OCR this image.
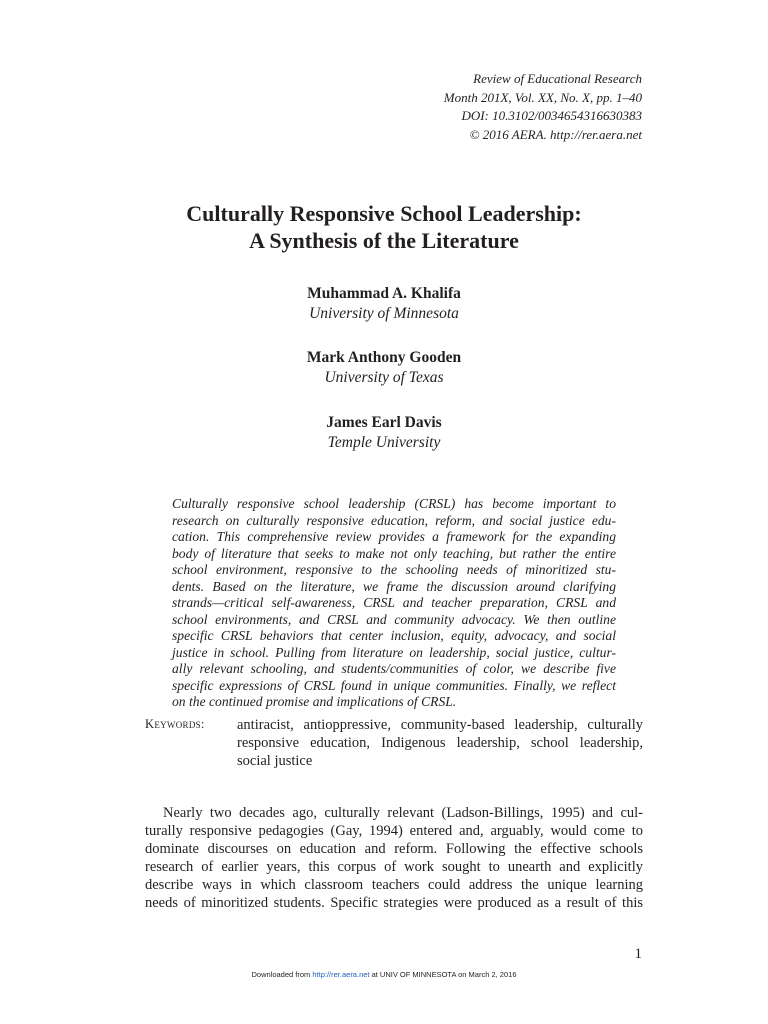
Review of Educational Research
Month 201X, Vol. XX, No. X, pp. 1–40
DOI: 10.3102/0034654316630383
© 2016 AERA. http://rer.aera.net
Culturally Responsive School Leadership:
A Synthesis of the Literature
Muhammad A. Khalifa
University of Minnesota
Mark Anthony Gooden
University of Texas
James Earl Davis
Temple University
Culturally responsive school leadership (CRSL) has become important to
research on culturally responsive education, reform, and social justice edu-
cation. This comprehensive review provides a framework for the expanding
body of literature that seeks to make not only teaching, but rather the entire
school environment, responsive to the schooling needs of minoritized stu-
dents. Based on the literature, we frame the discussion around clarifying
strands—critical self-awareness, CRSL and teacher preparation, CRSL and
school environments, and CRSL and community advocacy. We then outline
specific CRSL behaviors that center inclusion, equity, advocacy, and social
justice in school. Pulling from literature on leadership, social justice, cultur-
ally relevant schooling, and students/communities of color, we describe five
specific expressions of CRSL found in unique communities. Finally, we reflect
on the continued promise and implications of CRSL.
Keywords: antiracist, antioppressive, community-based leadership, culturally
responsive education, Indigenous leadership, school leadership,
social justice
Nearly two decades ago, culturally relevant (Ladson-Billings, 1995) and cul-
turally responsive pedagogies (Gay, 1994) entered and, arguably, would come to
dominate discourses on education and reform. Following the effective schools
research of earlier years, this corpus of work sought to unearth and explicitly
describe ways in which classroom teachers could address the unique learning
needs of minoritized students. Specific strategies were produced as a result of this
1
Downloaded from http://rer.aera.net at UNIV OF MINNESOTA on March 2, 2016
